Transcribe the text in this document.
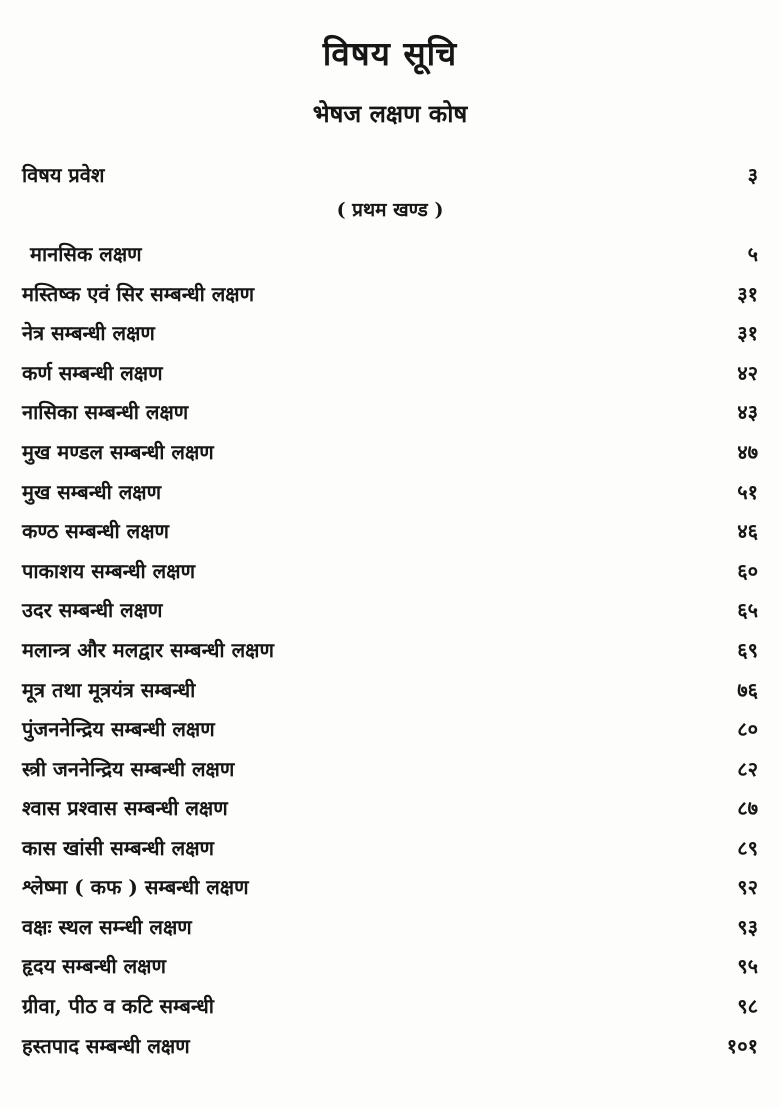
विषय सूचि
भेषज लक्षण कोष
विषय प्रवेश	३
( प्रथम खण्ड )
मानसिक लक्षण	५
मस्तिष्क एवं सिर सम्बन्धी लक्षण	३१
नेत्र सम्बन्धी लक्षण	३१
कर्ण सम्बन्धी लक्षण	४२
नासिका सम्बन्धी लक्षण	४३
मुख मण्डल सम्बन्धी लक्षण	४७
मुख सम्बन्धी लक्षण	५१
कण्ठ सम्बन्धी लक्षण	४६
पाकाशय सम्बन्धी लक्षण	६०
उदर सम्बन्धी लक्षण	६५
मलान्त्र और मलद्वार सम्बन्धी लक्षण	६९
मूत्र तथा मूत्रयंत्र सम्बन्धी	७६
पुंजननेन्द्रिय सम्बन्धी लक्षण	८०
स्त्री जननेन्द्रिय सम्बन्धी लक्षण	८२
श्वास प्रश्वास सम्बन्धी लक्षण	८७
कास खांसी सम्बन्धी लक्षण	८९
श्लेष्मा ( कफ ) सम्बन्धी लक्षण	९२
वक्षः स्थल सम्न्धी लक्षण	९३
हृदय सम्बन्धी लक्षण	९५
ग्रीवा, पीठ व कटि सम्बन्धी	९८
हस्तपाद सम्बन्धी लक्षण	१०१
